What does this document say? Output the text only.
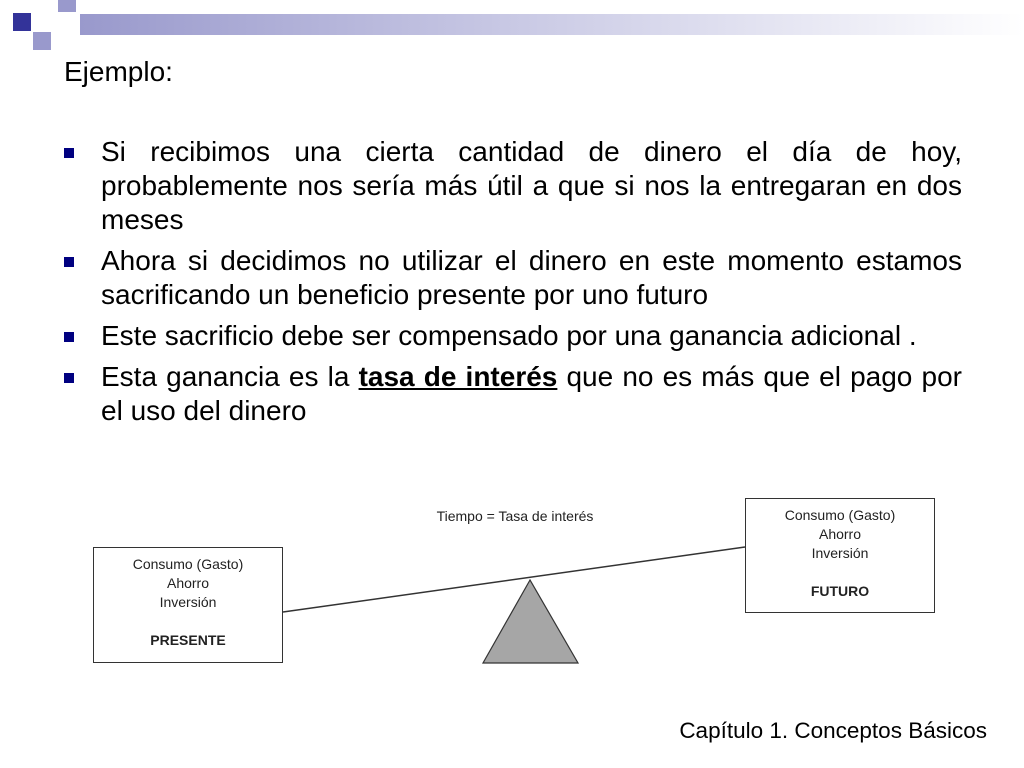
Ejemplo:
Si recibimos una cierta cantidad de dinero el día de hoy, probablemente nos sería más útil a que si nos la entregaran en dos meses
Ahora si decidimos no utilizar el dinero en este momento estamos sacrificando un beneficio presente por uno futuro
Este sacrificio debe ser compensado por una ganancia adicional .
Esta ganancia es la tasa de interés que no es más que el pago por el uso del dinero
Tiempo = Tasa de interés
Consumo (Gasto)
Ahorro
Inversión
PRESENTE
Consumo (Gasto)
Ahorro
Inversión
FUTURO
Capítulo 1. Conceptos Básicos
